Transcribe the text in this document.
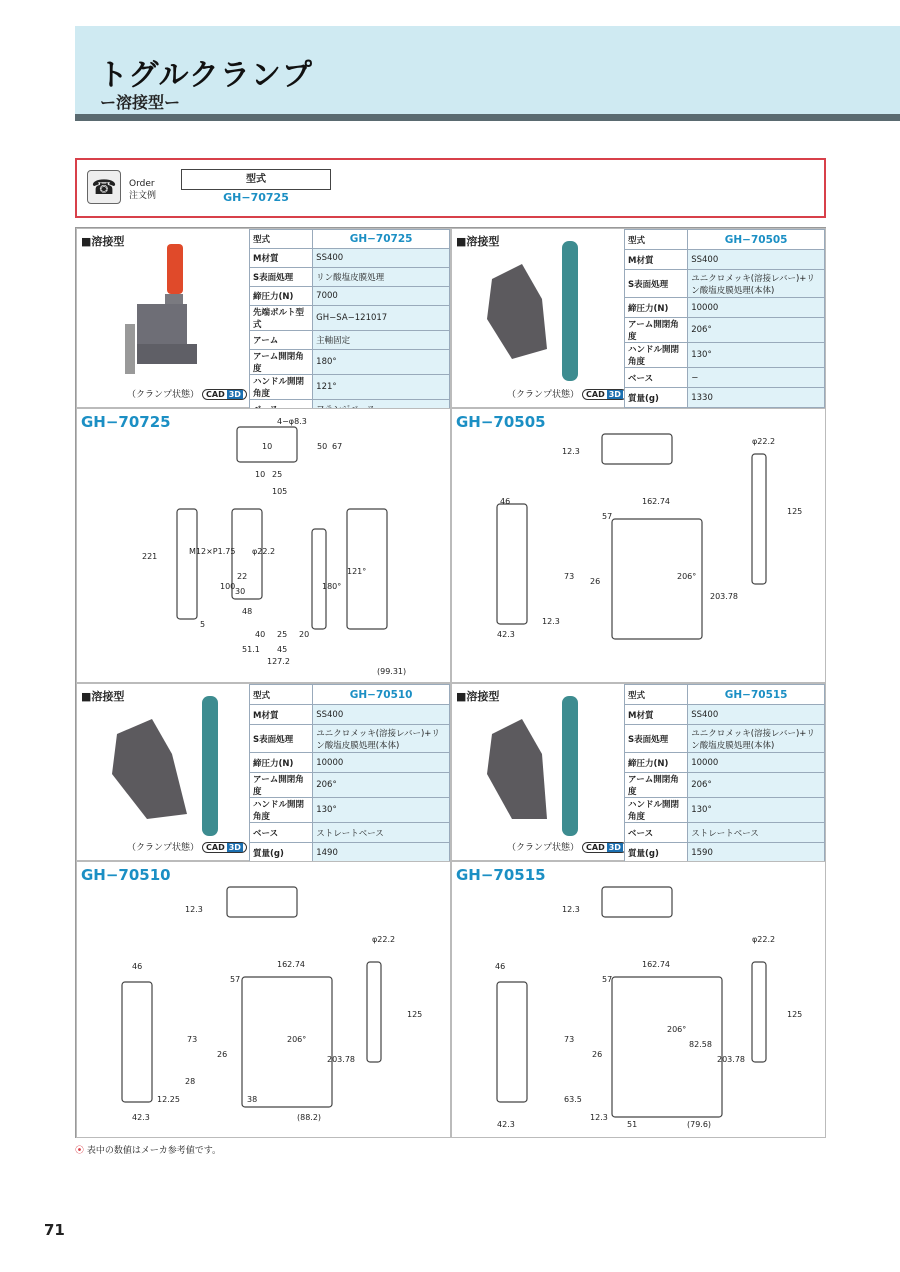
トグルクランプ
ー溶接型ー
☎	Order
注文例
型式
GH−70725
■溶接型
（クランプ状態） CAD 3D
型式	GH−70725
M材質	SS400
S表面処理	リン酸塩皮膜処理
締圧力(N)	7000
先端ボルト型式	GH−SA−121017
アーム	主軸固定
アーム開閉角度	180°
ハンドル開閉角度	121°

■溶接型
（クランプ状態） CAD 3D
型式	GH−70505
M材質	SS400
S表面処理	ユニクロメッキ(溶接レバー)+リン酸塩皮膜処理(本体)
締圧力(N)	10000
アーム開閉角度	206°
ハンドル開閉角度	130°
ベース	−
質量(g)	1330
GH−70725	4−φ8.3
10	50 67
10 25
105
221
M12×P1.75 φ22.2
22
100
30
48
5
40 25 20
51.1 45
127.2
180°
121°
(99.31)
GH−70505
12.3
46	162.74
57
φ22.2
125
73
26
206°
203.78
12.3
42.3
■溶接型
（クランプ状態） CAD 3D
型式	GH−70510
M材質	SS400
S表面処理	ユニクロメッキ(溶接レバー)+リン酸塩皮膜処理(本体)
締圧力(N)	10000
アーム開閉角度	206°
ハンドル開閉角度	130°
ベース	ストレートベース
質量(g)	1490
■溶接型
（クランプ状態） CAD 3D
型式	GH−70515
M材質	SS400
S表面処理	ユニクロメッキ(溶接レバー)+リン酸塩皮膜処理(本体)
締圧力(N)	10000
アーム開閉角度	206°
ハンドル開閉角度	130°
ベース	ストレートベース
質量(g)	1590
GH−70510
12.3
46	162.74
57
φ22.2
125
73
26
206°
203.78
28
12.25	38
42.3	(88.2)
GH−70515
12.3
46	162.74
57
φ22.2
125
73
26
206°
82.58
203.78
63.5
12.3
51
42.3	(79.6)
⦿ 表中の数値はメーカ参考値です。
71
